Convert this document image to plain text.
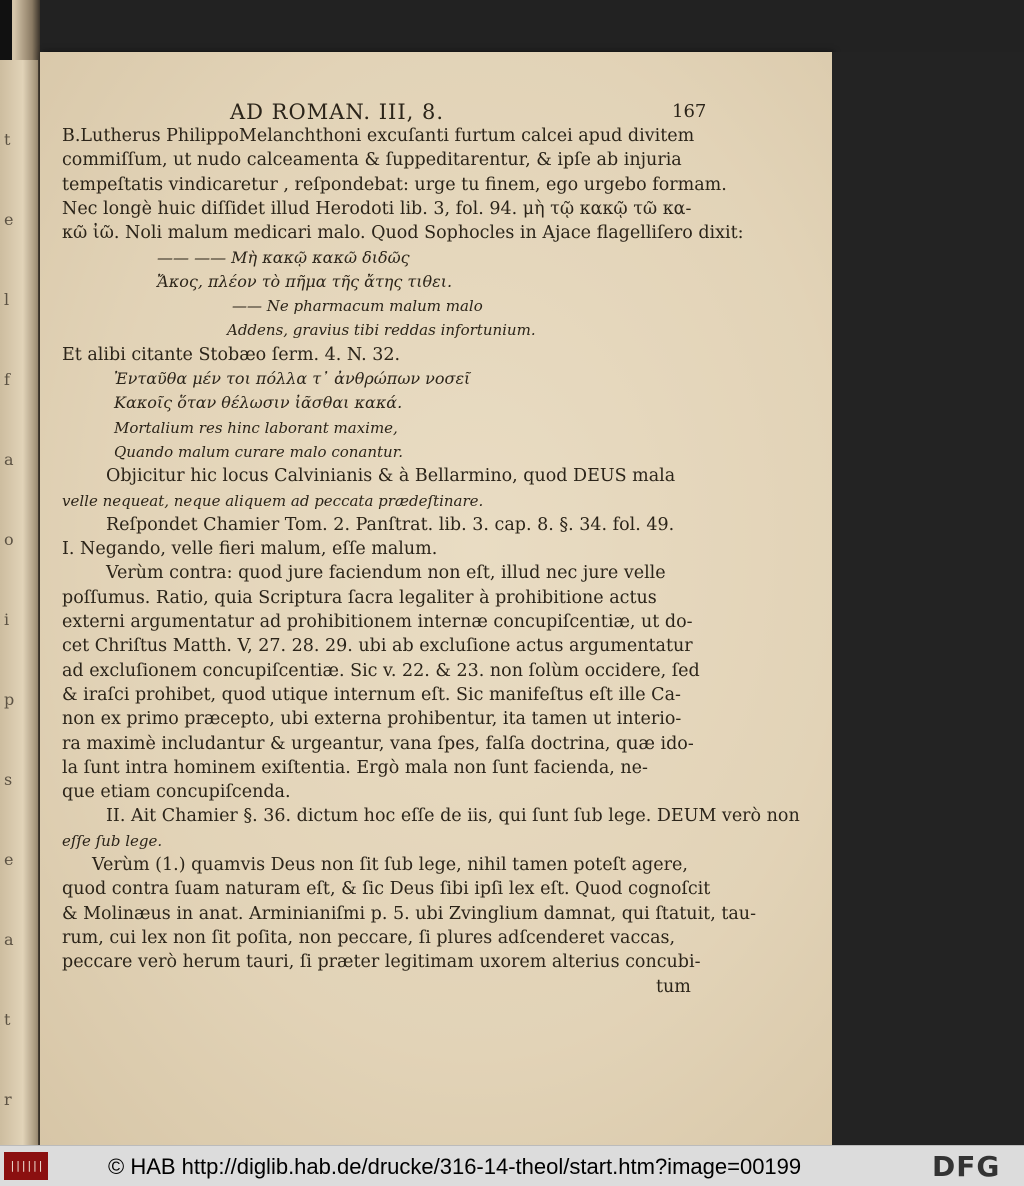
t
e
l
f
a
o
i
p
s
e
a
t
r
AD ROMAN. III, 8.	167
B.Lutherus PhilippoMelanchthoni excuſanti furtum calcei apud divitem
commiſſum, ut nudo calceamenta & ſuppeditarentur, & ipſe ab injuria
tempeſtatis vindicaretur , reſpondebat: urge tu finem, ego urgebo formam.
Nec longè huic diſſidet illud Herodoti lib. 3, fol. 94. μὴ τῷ κακῷ τῶ κα-
κῶ ἰῶ. Noli malum medicari malo. Quod Sophocles in Ajace flagelliſero dixit:
—— —— Μὴ κακῷ κακῶ διδῶς
Ἄκος, πλέον τὸ πῆμα τῆς ἄτης τιθει.
—— Ne pharmacum malum malo
Addens, gravius tibi reddas infortunium.
Et alibi citante Stobæo ſerm. 4. N. 32.
Ἐνταῦθα μέν τοι πόλλα τ᾽ ἀνθρώπων νοσεῖ
Κακοῖς ὅταν θέλωσιν ἰᾶσθαι κακά.
Mortalium res hinc laborant maxime,
Quando malum curare malo conantur.
Objicitur hic locus Calvinianis & à Bellarmino, quod DEUS mala
velle nequeat, neque aliquem ad peccata prædeſtinare.
Reſpondet Chamier Tom. 2. Panſtrat. lib. 3. cap. 8. §. 34. fol. 49.
I. Negando, velle fieri malum, eſſe malum.
Verùm contra: quod jure faciendum non eſt, illud nec jure velle
poſſumus. Ratio, quia Scriptura ſacra legaliter à prohibitione actus
externi argumentatur ad prohibitionem internæ concupiſcentiæ, ut do-
cet Chriſtus Matth. V, 27. 28. 29. ubi ab excluſione actus argumentatur
ad excluſionem concupiſcentiæ. Sic v. 22. & 23. non ſolùm occidere, ſed
& iraſci prohibet, quod utique internum eſt. Sic manifeſtus eſt ille Ca-
non ex primo præcepto, ubi externa prohibentur, ita tamen ut interio-
ra maximè includantur & urgeantur, vana ſpes, falſa doctrina, quæ ido-
la ſunt intra hominem exiſtentia. Ergò mala non ſunt facienda, ne-
que etiam concupiſcenda.
II. Ait Chamier §. 36. dictum hoc eſſe de iis, qui ſunt ſub lege. DEUM verò non
eſſe ſub lege.
Verùm (1.) quamvis Deus non ſit ſub lege, nihil tamen poteſt agere,
quod contra ſuam naturam eſt, & ſic Deus ſibi ipſi lex eſt. Quod cognoſcit
& Molinæus in anat. Arminianiſmi p. 5. ubi Zvinglium damnat, qui ſtatuit, tau-
rum, cui lex non ſit poſita, non peccare, ſi plures adſcenderet vaccas,
peccare verò herum tauri, ſi præter legitimam uxorem alterius concubi-
tum
||||||	© HAB http://diglib.hab.de/drucke/316-14-theol/start.htm?image=00199	DFG
